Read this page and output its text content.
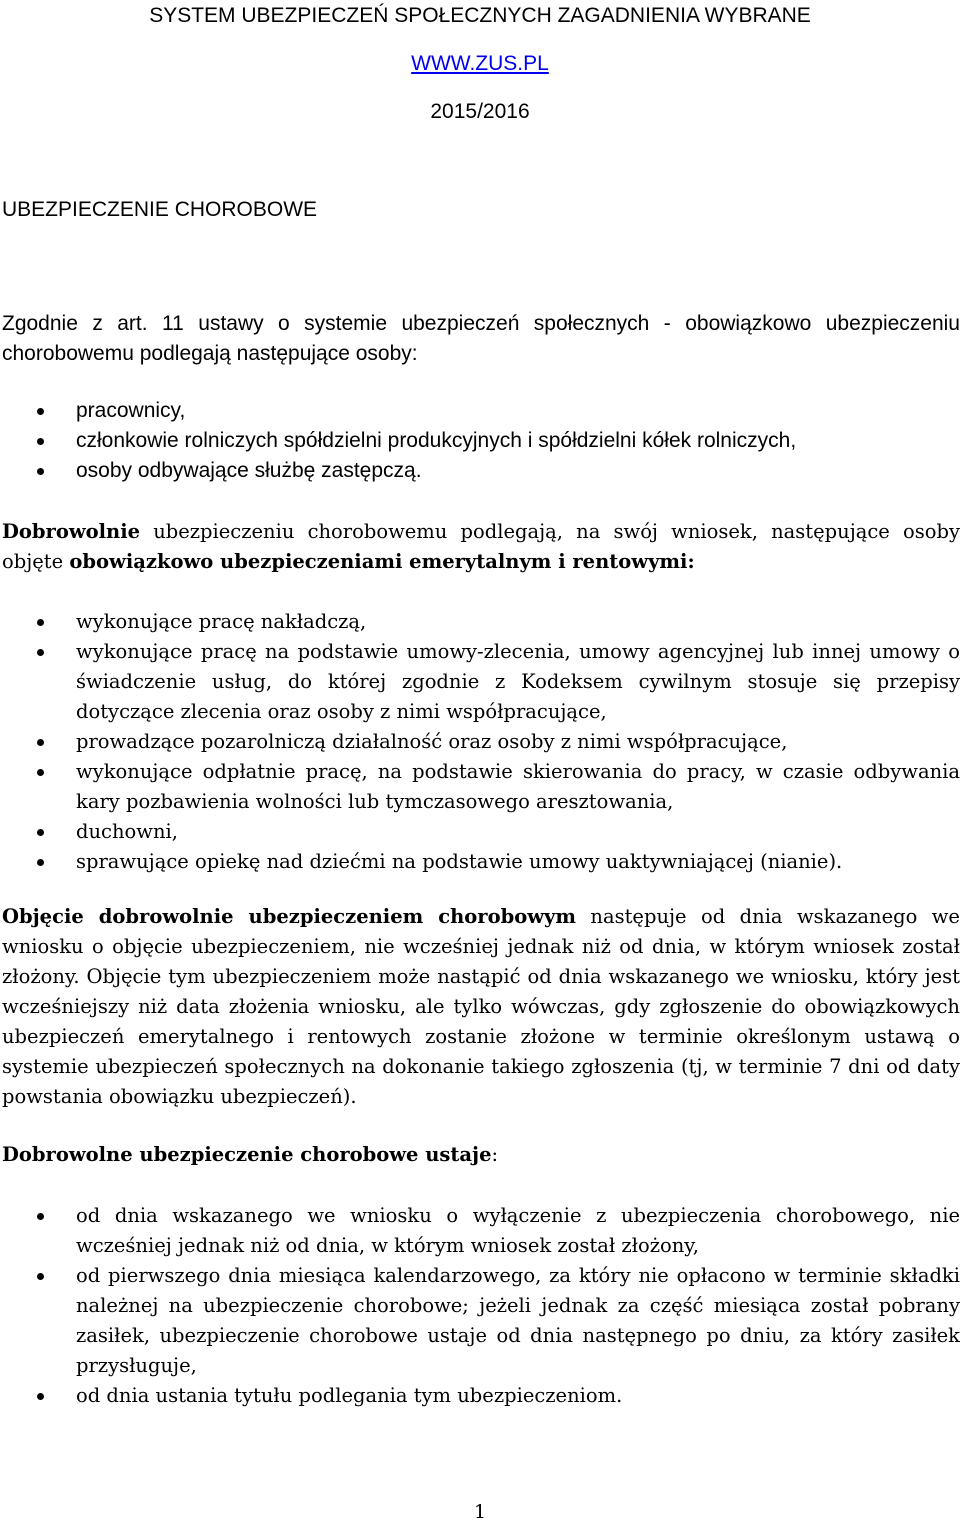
SYSTEM UBEZPIECZEŃ SPOŁECZNYCH ZAGADNIENIA WYBRANE
WWW.ZUS.PL
2015/2016
UBEZPIECZENIE CHOROBOWE

Zgodnie z art. 11 ustawy o systemie ubezpieczeń społecznych - obowiązkowo ubezpieczeniu chorobowemu podlegają następujące osoby:

pracownicy,
członkowie rolniczych spółdzielni produkcyjnych i spółdzielni kółek rolniczych,
osoby odbywające służbę zastępczą.

Dobrowolnie ubezpieczeniu chorobowemu podlegają, na swój wniosek, następujące osoby objęte obowiązkowo ubezpieczeniami emerytalnym i rentowymi:

wykonujące pracę nakładczą,
wykonujące pracę na podstawie umowy-zlecenia, umowy agencyjnej lub innej umowy o świadczenie usług, do której zgodnie z Kodeksem cywilnym stosuje się przepisy dotyczące zlecenia oraz osoby z nimi współpracujące,
prowadzące pozarolniczą działalność oraz osoby z nimi współpracujące,
wykonujące odpłatnie pracę, na podstawie skierowania do pracy, w czasie odbywania kary pozbawienia wolności lub tymczasowego aresztowania,
duchowni,
sprawujące opiekę nad dziećmi na podstawie umowy uaktywniającej (nianie).

Objęcie dobrowolnie ubezpieczeniem chorobowym następuje od dnia wskazanego we wniosku o objęcie ubezpieczeniem, nie wcześniej jednak niż od dnia, w którym wniosek został złożony. Objęcie tym ubezpieczeniem może nastąpić od dnia wskazanego we wniosku, który jest wcześniejszy niż data złożenia wniosku, ale tylko wówczas, gdy zgłoszenie do obowiązkowych ubezpieczeń emerytalnego i rentowych zostanie złożone w terminie określonym ustawą o systemie ubezpieczeń społecznych na dokonanie takiego zgłoszenia (tj, w terminie 7 dni od daty powstania obowiązku ubezpieczeń).

Dobrowolne ubezpieczenie chorobowe ustaje:

od dnia wskazanego we wniosku o wyłączenie z ubezpieczenia chorobowego, nie wcześniej jednak niż od dnia, w którym wniosek został złożony,
od pierwszego dnia miesiąca kalendarzowego, za który nie opłacono w terminie składki należnej na ubezpieczenie chorobowe; jeżeli jednak za część miesiąca został pobrany zasiłek, ubezpieczenie chorobowe ustaje od dnia następnego po dniu, za który zasiłek przysługuje,
od dnia ustania tytułu podlegania tym ubezpieczeniom.
1
